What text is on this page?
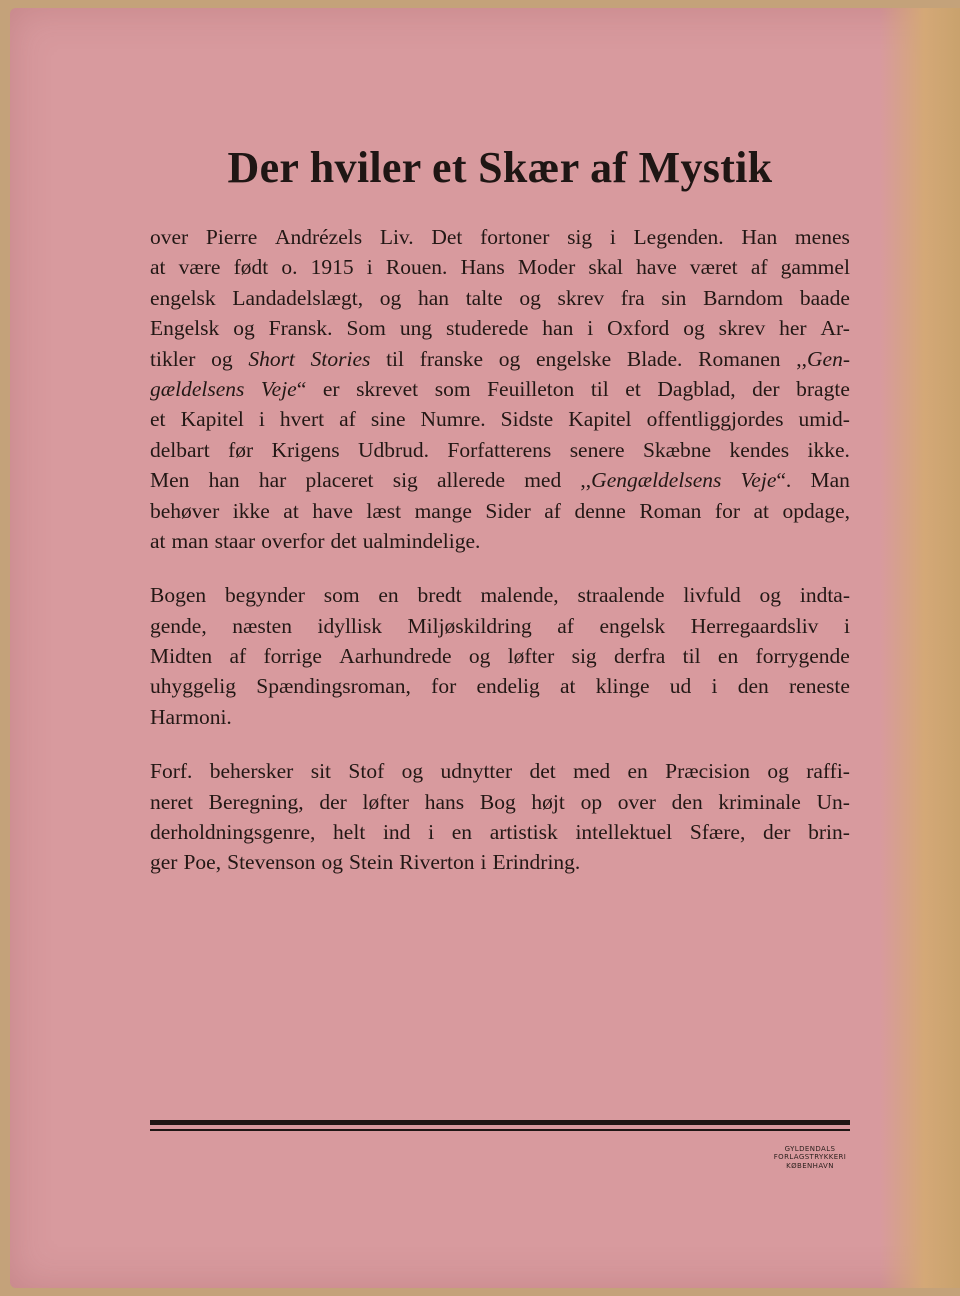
Der hviler et Skær af Mystik
over Pierre Andrézels Liv. Det fortoner sig i Legenden. Han menes
at være født o. 1915 i Rouen. Hans Moder skal have været af gammel
engelsk Landadelslægt, og han talte og skrev fra sin Barndom baade
Engelsk og Fransk. Som ung studerede han i Oxford og skrev her Ar-
tikler og Short Stories til franske og engelske Blade. Romanen ,,Gen-
gældelsens Veje“ er skrevet som Feuilleton til et Dagblad, der bragte
et Kapitel i hvert af sine Numre. Sidste Kapitel offentliggjordes umid-
delbart før Krigens Udbrud. Forfatterens senere Skæbne kendes ikke.
Men han har placeret sig allerede med ,,Gengældelsens Veje“. Man
behøver ikke at have læst mange Sider af denne Roman for at opdage,
at man staar overfor det ualmindelige.
Bogen begynder som en bredt malende, straalende livfuld og indta-
gende, næsten idyllisk Miljøskildring af engelsk Herregaardsliv i
Midten af forrige Aarhundrede og løfter sig derfra til en forrygende
uhyggelig Spændingsroman, for endelig at klinge ud i den reneste
Harmoni.
Forf. behersker sit Stof og udnytter det med en Præcision og raffi-
neret Beregning, der løfter hans Bog højt op over den kriminale Un-
derholdningsgenre, helt ind i en artistisk intellektuel Sfære, der brin-
ger Poe, Stevenson og Stein Riverton i Erindring.
GYLDENDALS
FORLAGSTRYKKERI
KØBENHAVN
